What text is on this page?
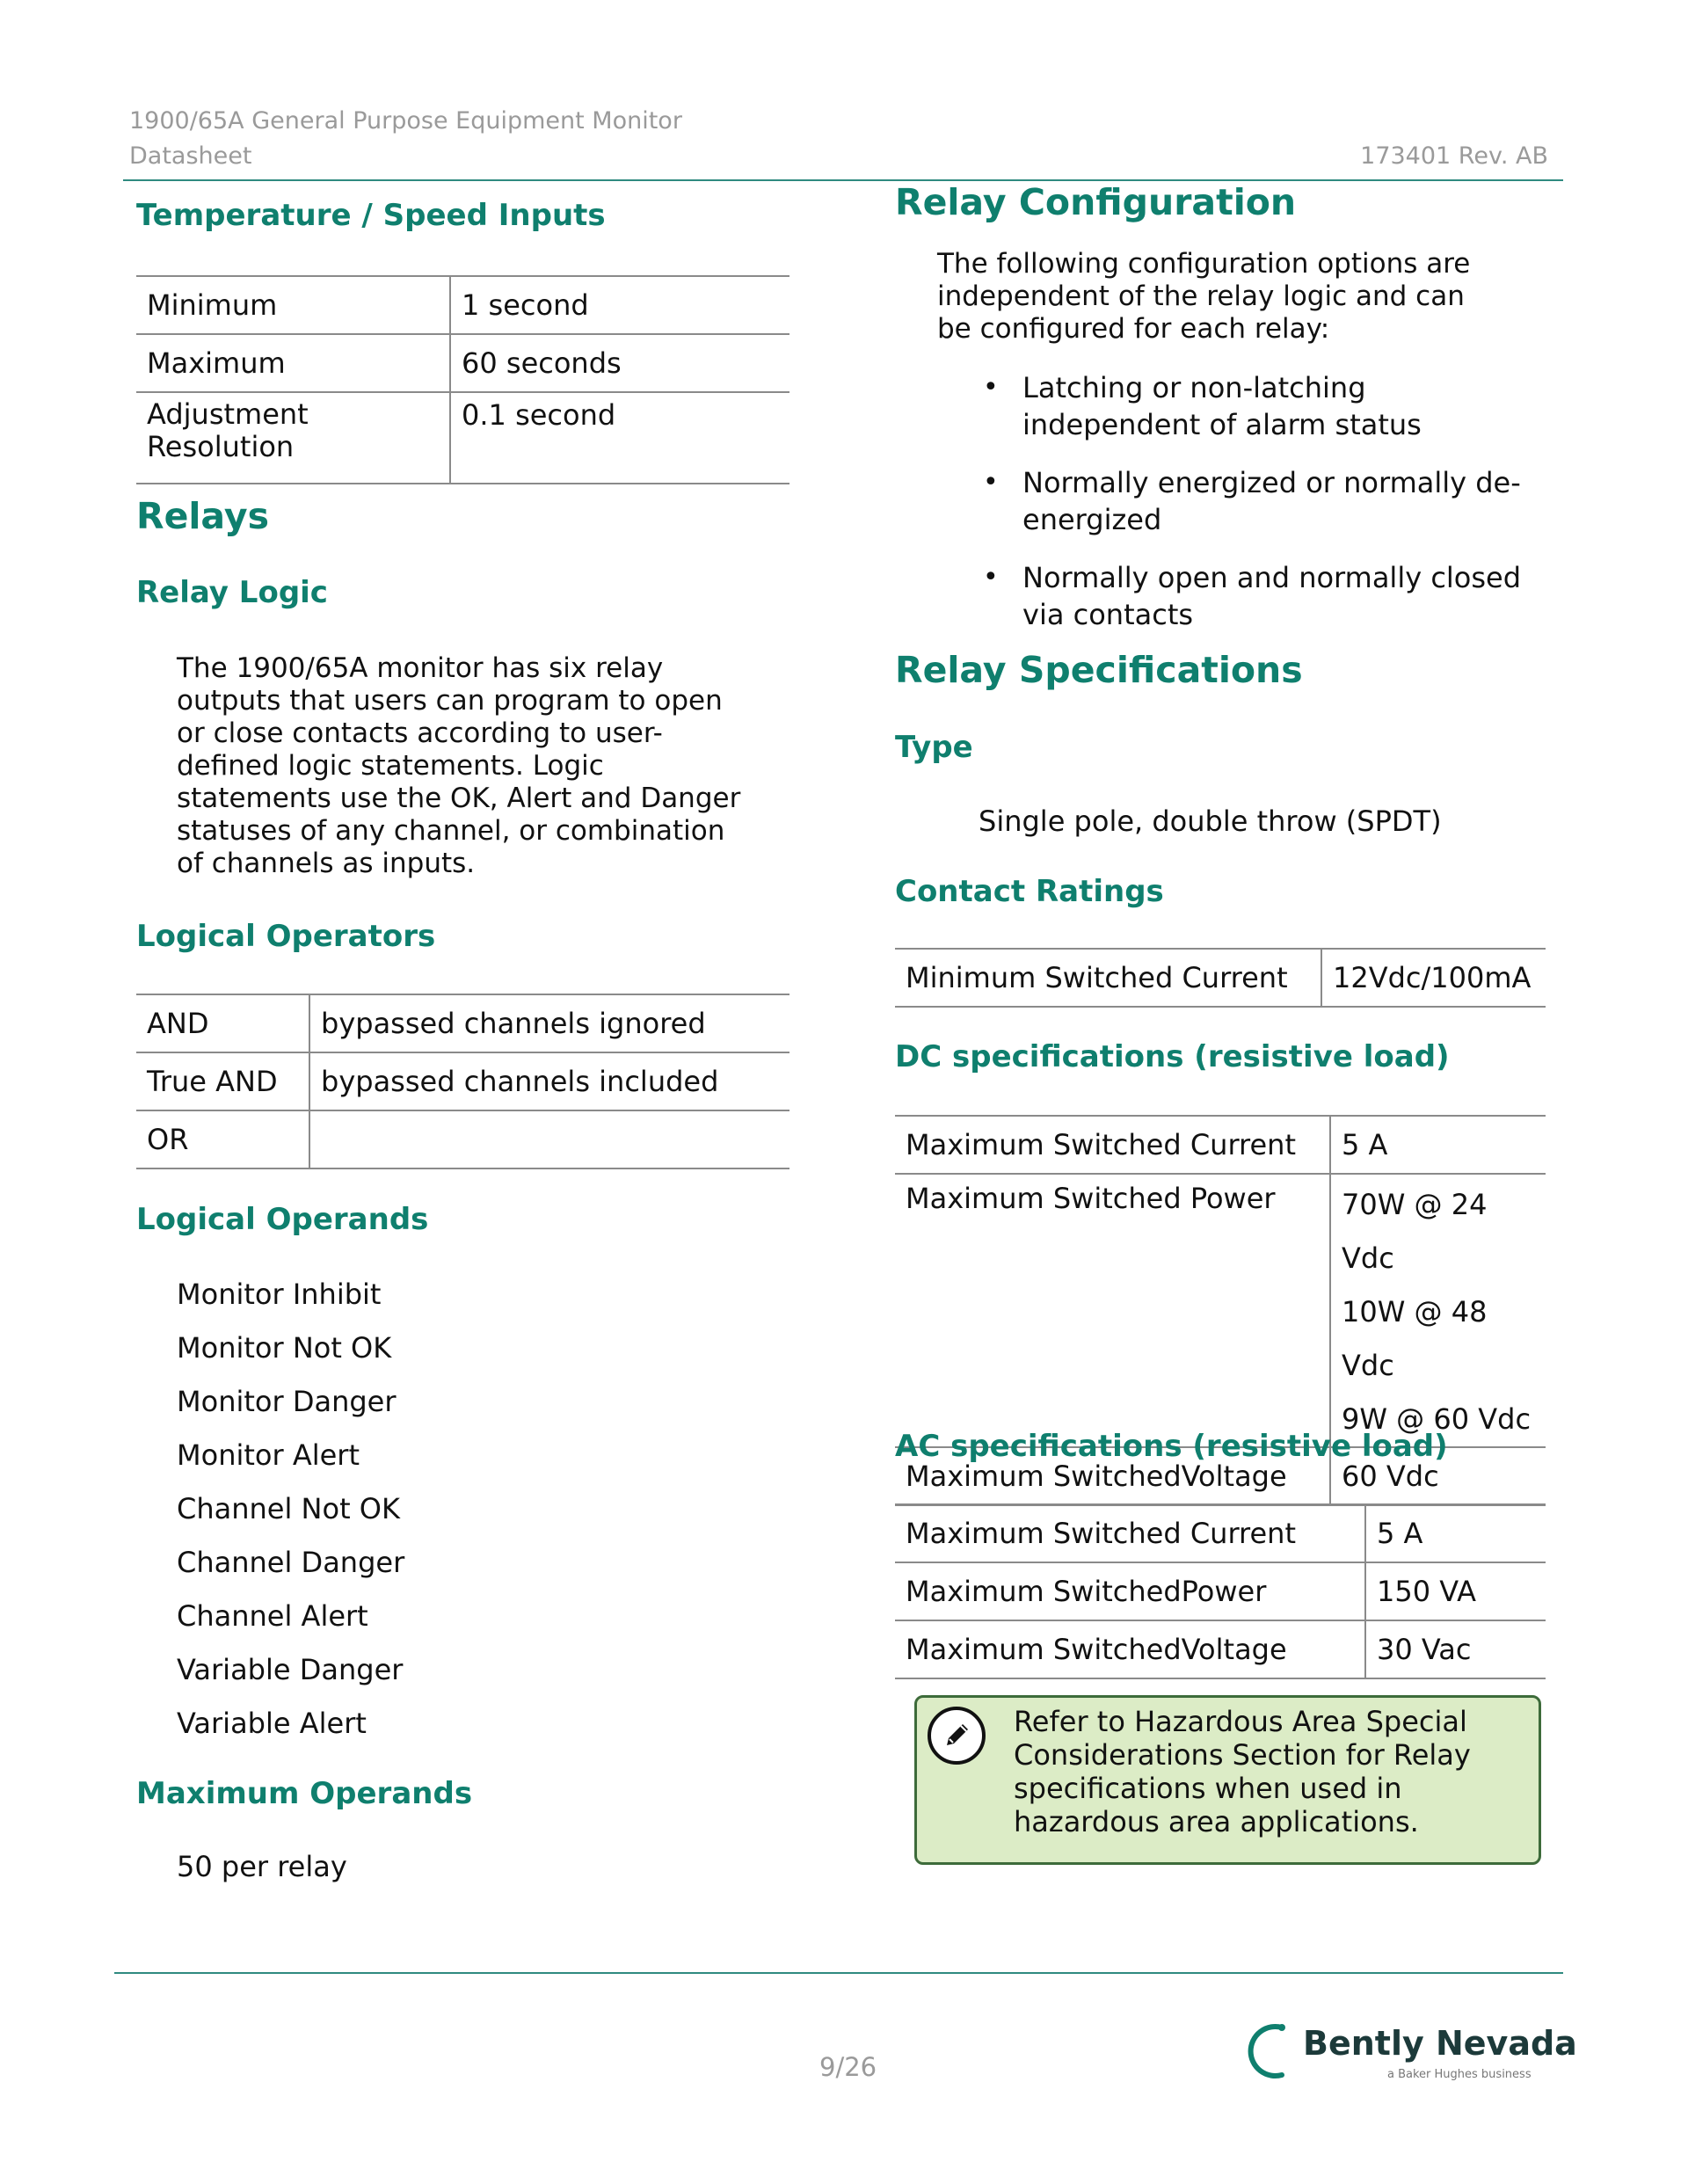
1900/65A General Purpose Equipment Monitor
Datasheet	173401 Rev. AB
Temperature / Speed Inputs
Minimum	1 second
Maximum	60 seconds

Adjustment Resolution	0.1 second
Relays
Relay Logic

The 1900/65A monitor has six relay outputs that users can program to open or close contacts according to user-defined logic statements. Logic statements use the OK, Alert and Danger statuses of any channel, or combination of channels as inputs.

Logical Operators
AND	bypassed channels ignored
True AND	bypassed channels included
OR	
Logical Operands
Monitor Inhibit
Monitor Not OK
Monitor Danger
Monitor Alert
Channel Not OK
Channel Danger
Channel Alert
Variable Danger
Variable Alert
Maximum Operands
50 per relay
Relay Configuration

The following configuration options are independent of the relay logic and can be configured for each relay:

• Latching or non-latching independent of alarm status
• Normally energized or normally de-energized
• Normally open and normally closed via contacts
Relay Specifications
Type
Single pole, double throw (SPDT)
Contact Ratings
Minimum Switched Current	12Vdc/100mA
DC specifications (resistive load)
Maximum Switched Current	5 A
Maximum Switched Power	70W @ 24 Vdc
10W @ 48 Vdc
9W @ 60 Vdc

Maximum SwitchedVoltage	60 Vdc
AC specifications (resistive load)
Maximum Switched Current	5 A
Maximum SwitchedPower	150 VA
Maximum SwitchedVoltage	30 Vac
Refer to Hazardous Area Special Considerations Section for Relay specifications when used in hazardous area applications.
9/26
Bently Nevada
a Baker Hughes business
